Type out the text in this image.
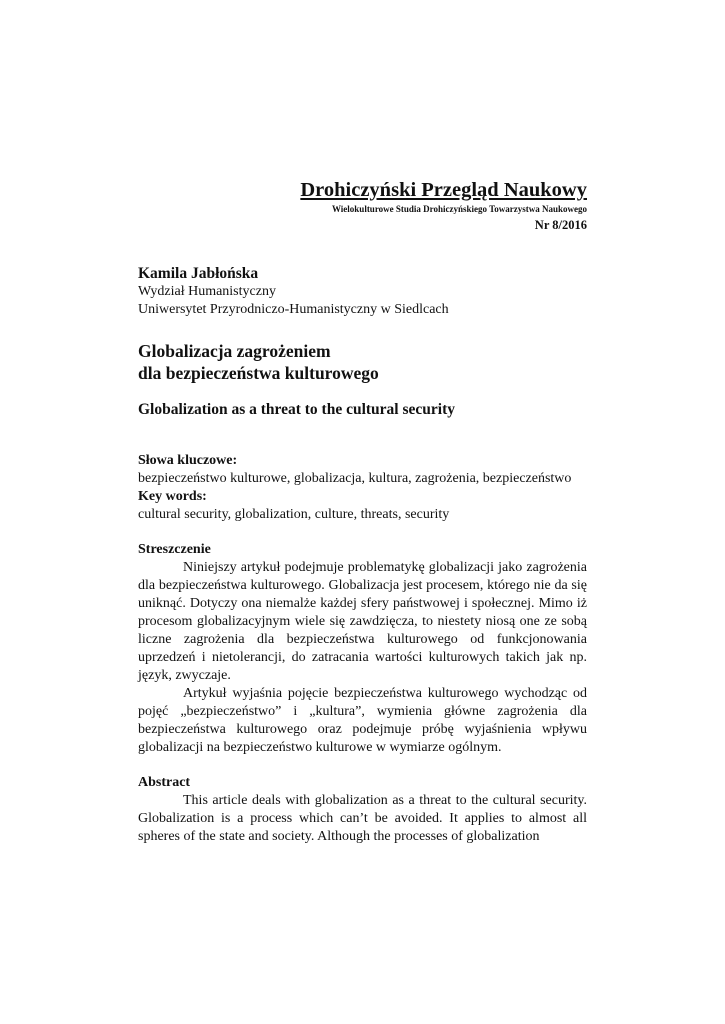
Drohiczyński Przegląd Naukowy
Wielokulturowe Studia Drohiczyńskiego Towarzystwa Naukowego
Nr 8/2016
Kamila Jabłońska
Wydział Humanistyczny
Uniwersytet Przyrodniczo-Humanistyczny w Siedlcach
Globalizacja zagrożeniem
dla bezpieczeństwa kulturowego
Globalization as a threat to the cultural security
Słowa kluczowe:
bezpieczeństwo kulturowe, globalizacja, kultura, zagrożenia, bezpieczeństwo
Key words:
cultural security, globalization, culture, threats, security
Streszczenie

Niniejszy artykuł podejmuje problematykę globalizacji jako zagrożenia dla bezpieczeństwa kulturowego. Globalizacja jest procesem, którego nie da się uniknąć. Dotyczy ona niemalże każdej sfery państwowej i społecznej. Mimo iż procesom globalizacyjnym wiele się zawdzięcza, to niestety niosą one ze sobą liczne zagrożenia dla bezpieczeństwa kulturowego od funkcjonowania uprzedzeń i nietolerancji, do zatracania wartości kulturowych takich jak np. język, zwyczaje.

Artykuł wyjaśnia pojęcie bezpieczeństwa kulturowego wychodząc od pojęć „bezpieczeństwo” i „kultura”, wymienia główne zagrożenia dla bezpieczeństwa kulturowego oraz podejmuje próbę wyjaśnienia wpływu globalizacji na bezpieczeństwo kulturowe w wymiarze ogólnym.

Abstract

This article deals with globalization as a threat to the cultural security. Globalization is a process which can’t be avoided. It applies to almost all spheres of the state and society. Although the processes of globalization
